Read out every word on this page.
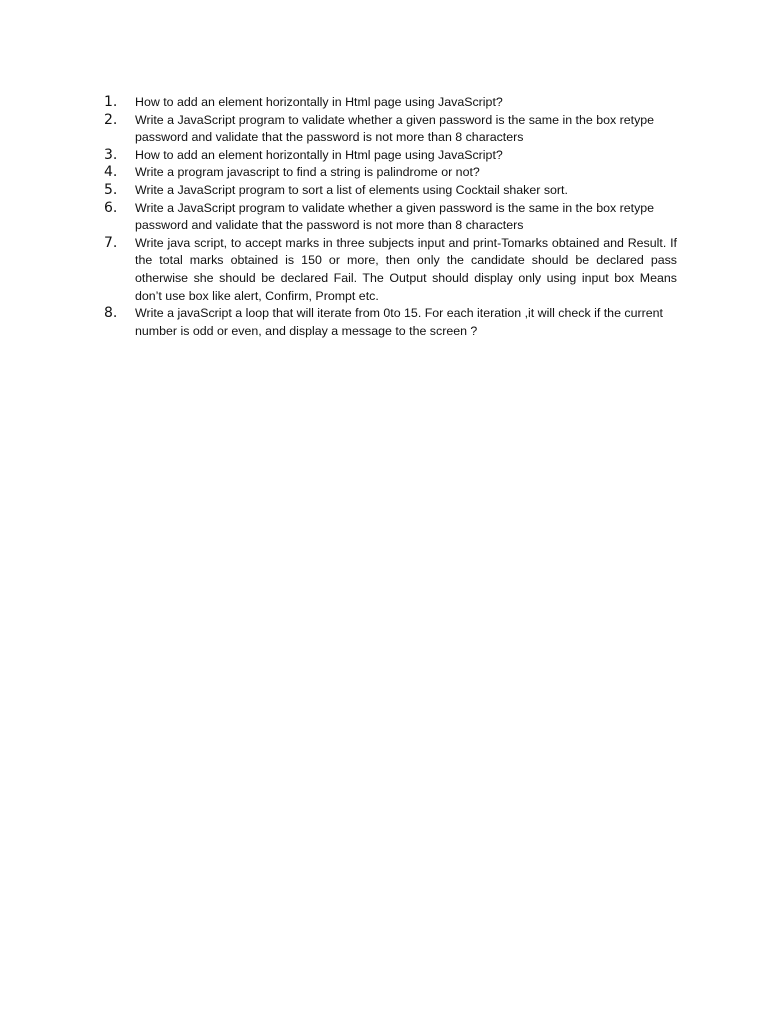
1.	How to add an element horizontally in Html page using JavaScript?
2.	Write a JavaScript program to validate whether a given password is the same in the box retype password and validate that the password is not more than 8 characters
3.	How to add an element horizontally in Html page using JavaScript?
4.	Write a program javascript to find a string is palindrome or not?
5.	Write a JavaScript program to sort a list of elements using Cocktail shaker sort.
6.	Write a JavaScript program to validate whether a given password is the same in the box retype password and validate that the password is not more than 8 characters
7.	Write java script, to accept marks in three subjects input and print-Tomarks obtained and Result. If the total marks obtained is 150 or more, then only the candidate should be declared pass otherwise she should be declared Fail. The Output should display only using input box Means don’t use box like alert, Confirm, Prompt etc.
8.	Write a javaScript a loop that will iterate from 0to 15. For each iteration ,it will check if the current number is odd or even, and display a message to the screen ?
